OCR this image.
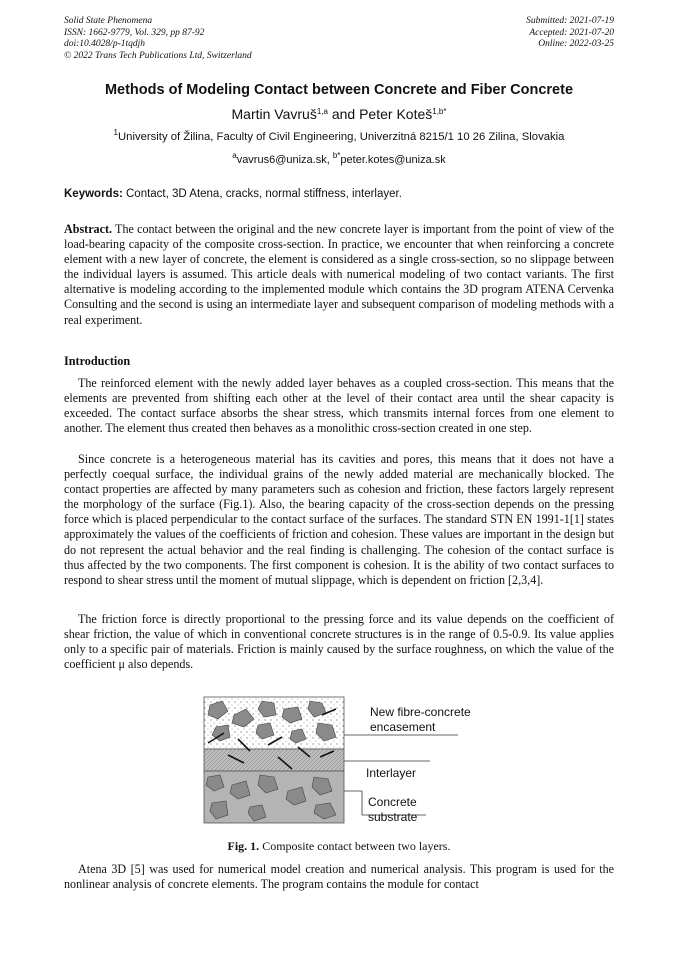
Solid State Phenomena
ISSN: 1662-9779, Vol. 329, pp 87-92
doi:10.4028/p-1tqdjh
© 2022 Trans Tech Publications Ltd, Switzerland
Submitted: 2021-07-19
Accepted: 2021-07-20
Online: 2022-03-25
Methods of Modeling Contact between Concrete and Fiber Concrete
Martin Vavruš$^{1,a}$ and Peter Koteš$^{1,b*}$
$^1$University of Žilina, Faculty of Civil Engineering, Univerzitná 8215/1 10 26 Zilina, Slovakia
$^a$vavrus6@uniza.sk, $^{b*}$peter.kotes@uniza.sk
Keywords: Contact, 3D Atena, cracks, normal stiffness, interlayer.
Abstract. The contact between the original and the new concrete layer is important from the point of view of the load-bearing capacity of the composite cross-section. In practice, we encounter that when reinforcing a concrete element with a new layer of concrete, the element is considered as a single cross-section, so no slippage between the individual layers is assumed. This article deals with numerical modeling of two contact variants. The first alternative is modeling according to the implemented module which contains the 3D program ATENA Cervenka Consulting and the second is using an intermediate layer and subsequent comparison of modeling methods with a real experiment.
Introduction
The reinforced element with the newly added layer behaves as a coupled cross-section. This means that the elements are prevented from shifting each other at the level of their contact area until the shear capacity is exceeded. The contact surface absorbs the shear stress, which transmits internal forces from one element to another. The element thus created then behaves as a monolithic cross-section created in one step.
Since concrete is a heterogeneous material has its cavities and pores, this means that it does not have a perfectly coequal surface, the individual grains of the newly added material are mechanically blocked. The contact properties are affected by many parameters such as cohesion and friction, these factors largely represent the morphology of the surface (Fig.1). Also, the bearing capacity of the cross-section depends on the pressing force which is placed perpendicular to the contact surface of the surfaces. The standard STN EN 1991-1[1] states approximately the values of the coefficients of friction and cohesion. These values are important in the design but do not represent the actual behavior and the real finding is challenging. The cohesion of the contact surface is thus affected by the two components. The first component is cohesion. It is the ability of two contact surfaces to respond to shear stress until the moment of mutual slippage, which is dependent on friction [2,3,4].
The friction force is directly proportional to the pressing force and its value depends on the coefficient of shear friction, the value of which in conventional concrete structures is in the range of 0.5-0.9. Its value applies only to a specific pair of materials. Friction is mainly caused by the surface roughness, on which the value of the coefficient μ also depends.
New fibre-concrete
encasement
Interlayer
Concrete
substrate
Fig. 1. Composite contact between two layers.
Atena 3D [5] was used for numerical model creation and numerical analysis. This program is used for the nonlinear analysis of concrete elements. The program contains the module for contact
